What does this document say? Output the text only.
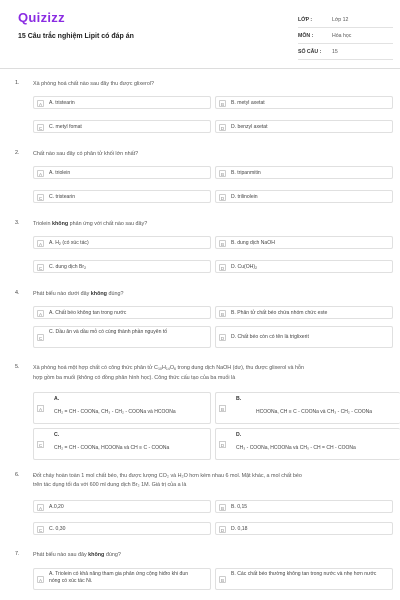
Quizizz
15 Câu trắc nghiệm Lipit có đáp án
LỚP :	Lớp 12
MÔN :	Hóa học
SỐ CÂU :	15
1.	Xà phòng hoá chất nào sau đây thu được glixerol?
A	A. tristearin	B	B. metyl axetat
C	C. metyl fomat	D	D. benzyl axetat
2.	Chất nào sau đây có phân tử khối lớn nhất?
A	A. triolein	B	B. tripanmitin
C	C. tristearin	D	D. trilinolein
3.	Triolein không phản ứng với chất nào sau đây?
A	A. $H_2$ (có xúc tác)	B	B. dung dịch NaOH
C	C. dung dịch $Br_2$	D	D. $Cu(OH)_2$
4.	Phát biểu nào dưới đây không đúng?
A	A. Chất béo không tan trong nước	B	B. Phân tử chất béo chứa nhóm chức este
C
C. Dầu ăn và dầu mỏ có cùng thành phần nguyên tố
D	D. Chất béo còn có tên là triglixerit
5.	Xà phòng hoá một hợp chất có công thức phân tử $C_{10}H_{14}O_6$ trong dung dịch NaOH (dư), thu được glixerol và hỗn
hợp gồm ba muối (không có đồng phân hình học). Công thức cấu tạo của ba muối là
A
A.
CH₂ = CH - COONa, CH₃ - CH₂ - COONa và HCOONa	B
B.
HCOONa, CH ≡ C - COONa và CH₃ - CH₂ - COONa
C
C.
CH₂ = CH - COONa, HCOONa và CH ≡ C - COONa	D
D.
CH₃ - COONa, HCOONa và CH₃ - CH = CH - COONa
6.	Đốt cháy hoàn toàn 1 mol chất béo, thu được lượng CO₂ và H₂O hơn kém nhau 6 mol. Mặt khác, a mol chất béo
trên tác dụng tối đa với 600 ml dung dịch Br₂ 1M. Giá trị của a là
A	A.0,20	B	B. 0,15
C	C. 0,30	D	D. 0,18
7.	Phát biểu nào sau đây không đúng?
A
A. Triolein có khả năng tham gia phản ứng cộng hiđro khi đun nóng có xúc tác Ni.	B
B. Các chất béo thường không tan trong nước và nhẹ hơn nước
